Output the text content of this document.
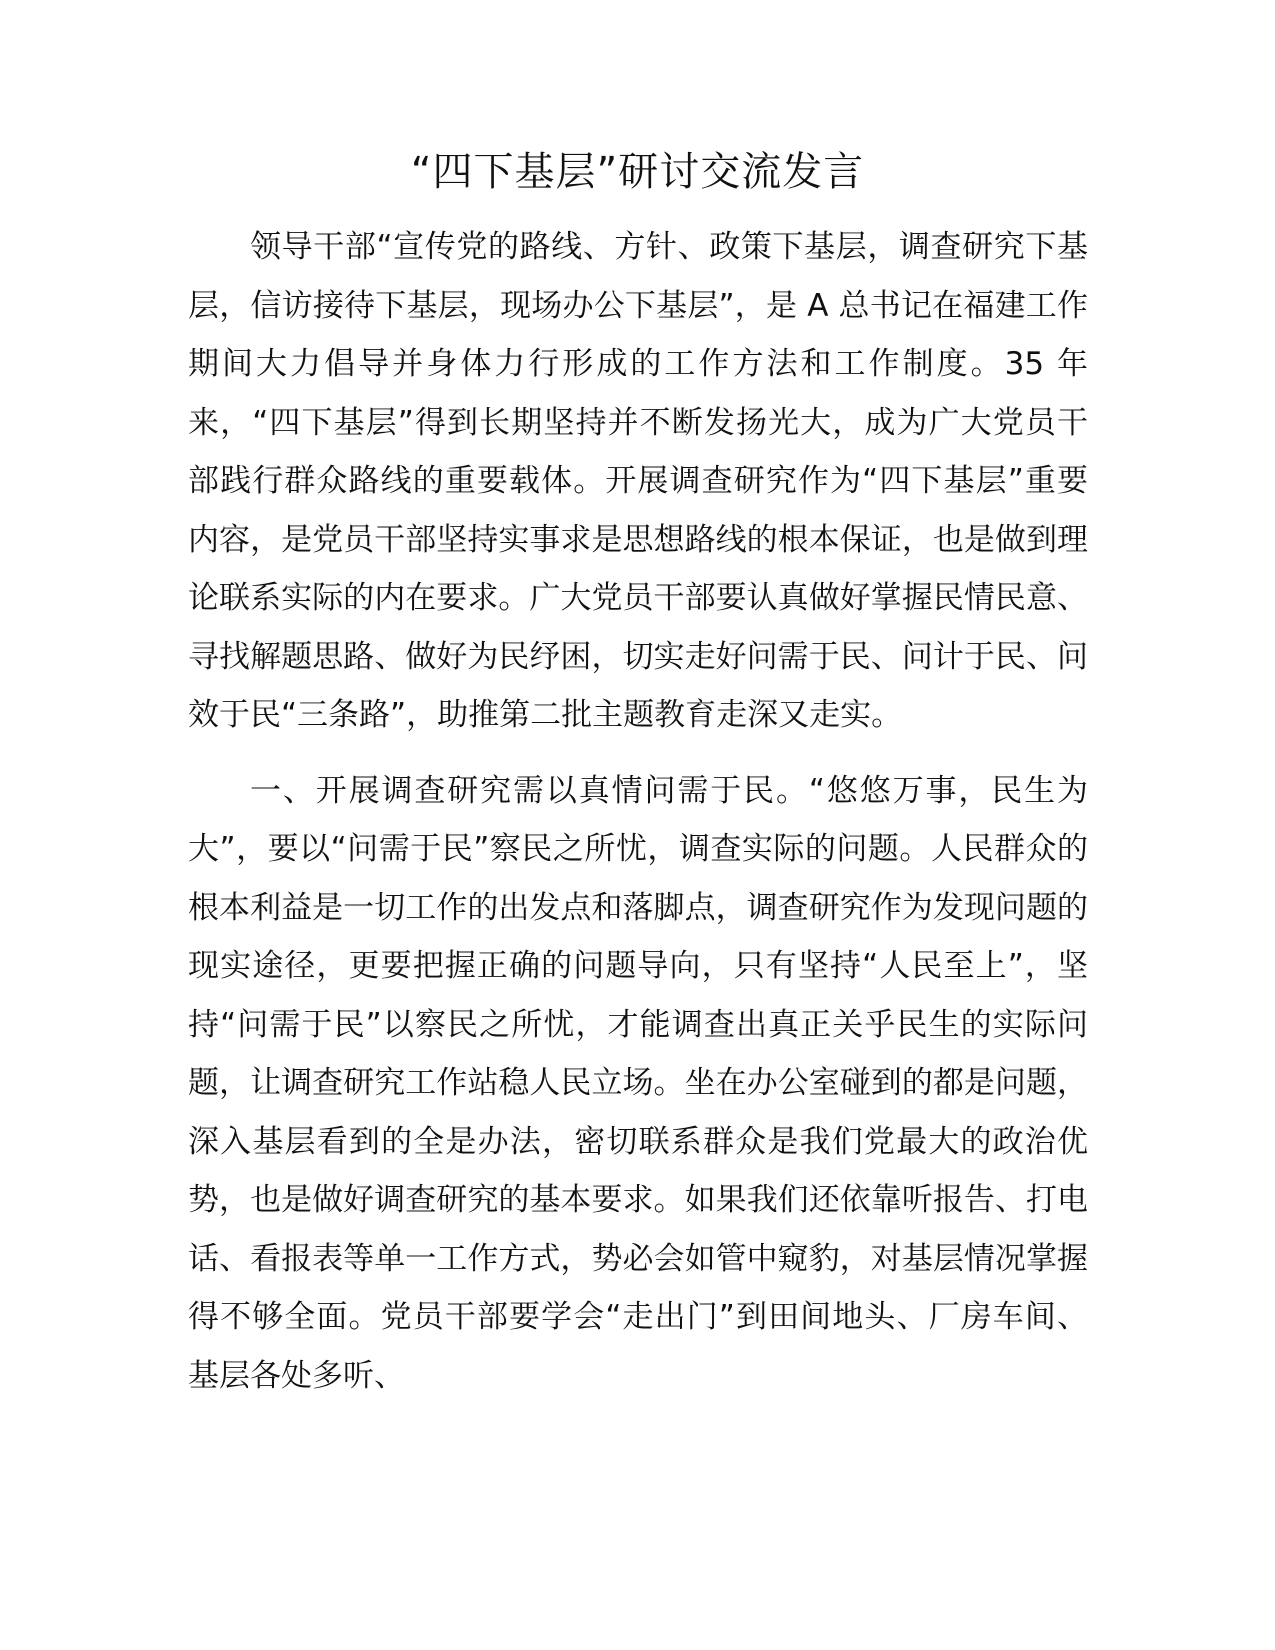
“四下基层”研讨交流发言

领导干部“宣传党的路线、方针、政策下基层，调查研究下基层，信访接待下基层，现场办公下基层”，是 A 总书记在福建工作期间大力倡导并身体力行形成的工作方法和工作制度。35 年来，“四下基层”得到长期坚持并不断发扬光大，成为广大党员干部践行群众路线的重要载体。开展调查研究作为“四下基层”重要内容，是党员干部坚持实事求是思想路线的根本保证，也是做到理论联系实际的内在要求。广大党员干部要认真做好掌握民情民意、寻找解题思路、做好为民纾困，切实走好问需于民、问计于民、问效于民“三条路”，助推第二批主题教育走深又走实。

一、开展调查研究需以真情问需于民。“悠悠万事，民生为大”，要以“问需于民”察民之所忧，调查实际的问题。人民群众的根本利益是一切工作的出发点和落脚点，调查研究作为发现问题的现实途径，更要把握正确的问题导向，只有坚持“人民至上”，坚持“问需于民”以察民之所忧，才能调查出真正关乎民生的实际问题，让调查研究工作站稳人民立场。坐在办公室碰到的都是问题，深入基层看到的全是办法，密切联系群众是我们党最大的政治优势，也是做好调查研究的基本要求。如果我们还依靠听报告、打电话、看报表等单一工作方式，势必会如管中窥豹，对基层情况掌握得不够全面。党员干部要学会“走出门”到田间地头、厂房车间、基层各处多听、
